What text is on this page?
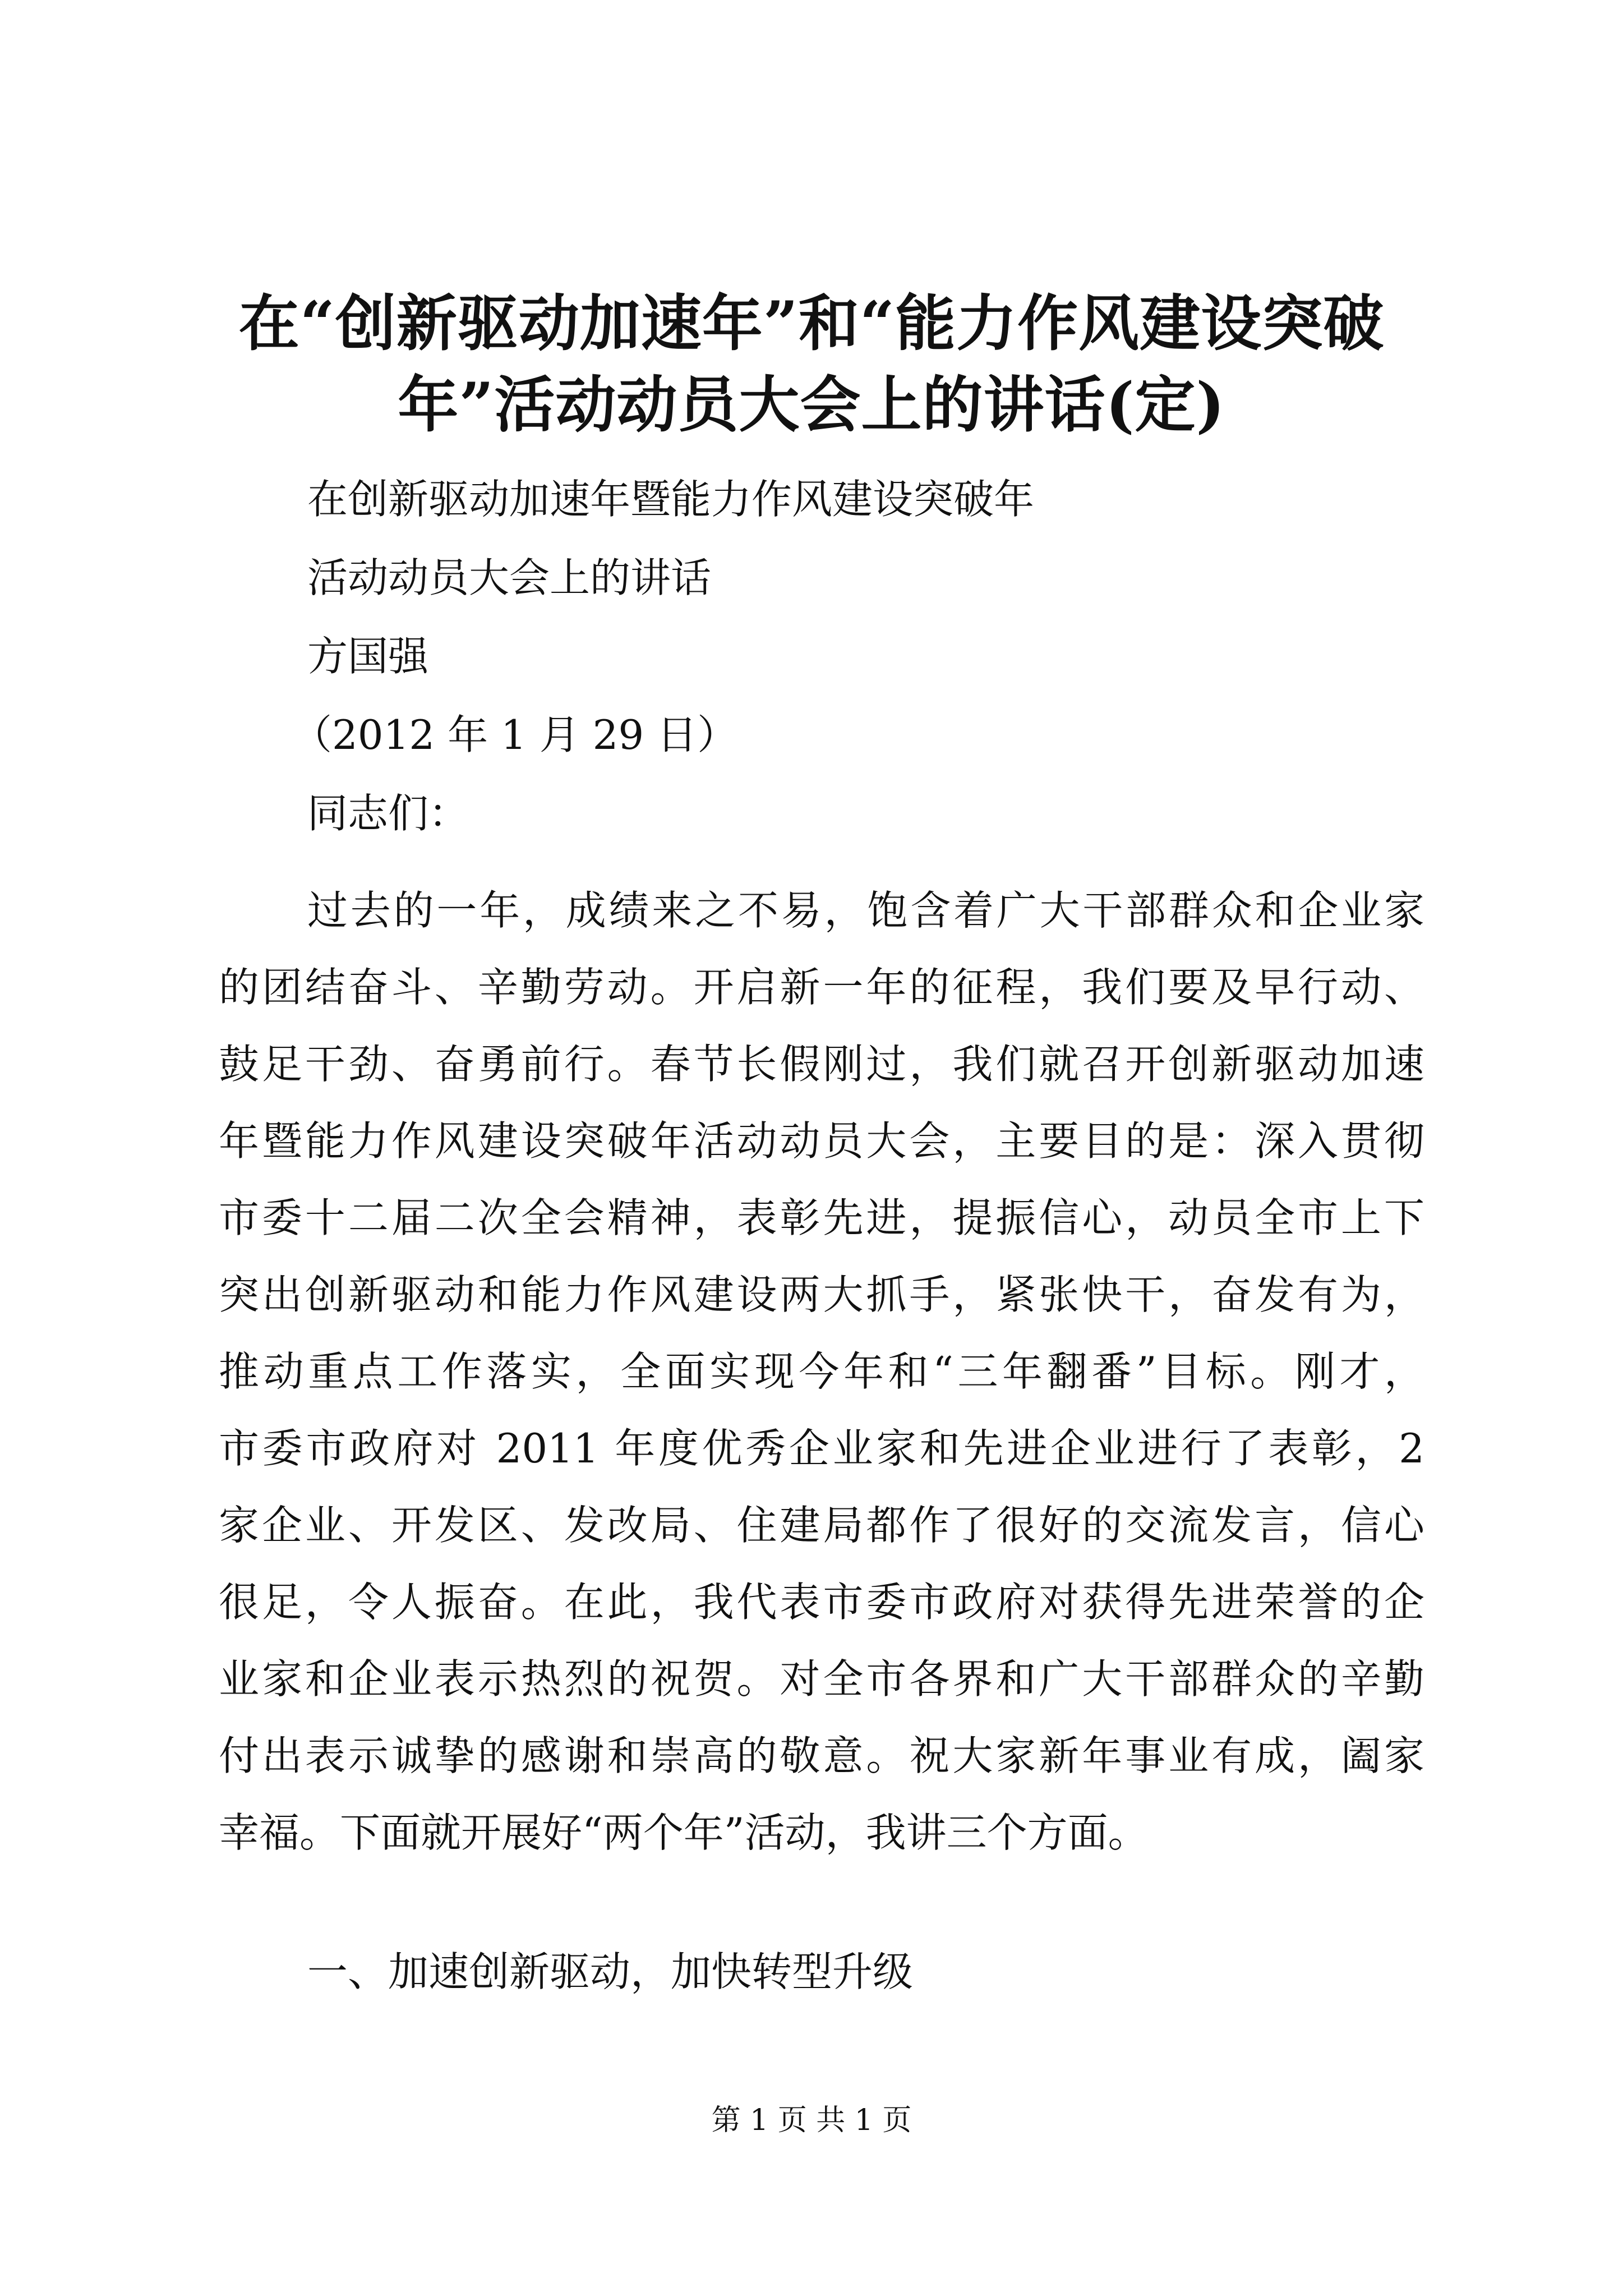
在“创新驱动加速年”和“能力作风建设突破
年”活动动员大会上的讲话(定)
在创新驱动加速年暨能力作风建设突破年
活动动员大会上的讲话
方国强
（2012 年 1 月 29 日）
同志们：
过去的一年，成绩来之不易，饱含着广大干部群众和企业家
的团结奋斗、辛勤劳动。开启新一年的征程，我们要及早行动、
鼓足干劲、奋勇前行。春节长假刚过，我们就召开创新驱动加速
年暨能力作风建设突破年活动动员大会，主要目的是：深入贯彻
市委十二届二次全会精神，表彰先进，提振信心，动员全市上下
突出创新驱动和能力作风建设两大抓手，紧张快干，奋发有为，
推动重点工作落实，全面实现今年和“三年翻番”目标。刚才，
市委市政府对 2011 年度优秀企业家和先进企业进行了表彰，2
家企业、开发区、发改局、住建局都作了很好的交流发言，信心
很足，令人振奋。在此，我代表市委市政府对获得先进荣誉的企
业家和企业表示热烈的祝贺。对全市各界和广大干部群众的辛勤
付出表示诚挚的感谢和崇高的敬意。祝大家新年事业有成，阖家
幸福。下面就开展好“两个年”活动，我讲三个方面。
一、加速创新驱动，加快转型升级
第 1 页 共 1 页
